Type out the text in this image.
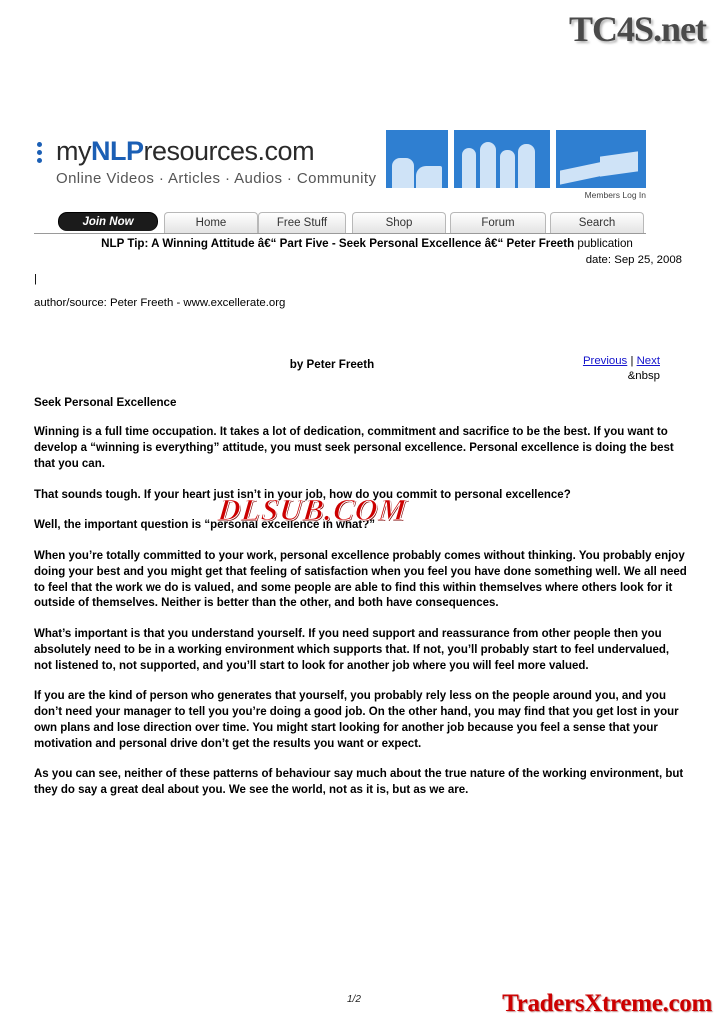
TC4S.net
myNLPresources.com
Online Videos · Articles · Audios · Community
Members Log In
Join Now	Home	Free Stuff	Shop	Forum	Search
NLP Tip: A Winning Attitude â€“ Part Five - Seek Personal Excellence â€“ Peter Freeth publication
date: Sep 25, 2008
|
author/source: Peter Freeth - www.excellerate.org
Previous | Next
&nbsp
by Peter Freeth
Seek Personal Excellence

Winning is a full time occupation. It takes a lot of dedication, commitment and sacrifice to be the best. If you want to develop a “winning is everything” attitude, you must seek personal excellence. Personal excellence is doing the best that you can.

That sounds tough. If your heart just isn’t in your job, how do you commit to personal excellence?

Well, the important question is “personal excellence in what?”

When you’re totally committed to your work, personal excellence probably comes without thinking. You probably enjoy doing your best and you might get that feeling of satisfaction when you feel you have done something well. We all need to feel that the work we do is valued, and some people are able to find this within themselves where others look for it outside of themselves. Neither is better than the other, and both have consequences.

What’s important is that you understand yourself. If you need support and reassurance from other people then you absolutely need to be in a working environment which supports that. If not, you’ll probably start to feel undervalued, not listened to, not supported, and you’ll start to look for another job where you will feel more valued.

If you are the kind of person who generates that yourself, you probably rely less on the people around you, and you don’t need your manager to tell you you’re doing a good job. On the other hand, you may find that you get lost in your own plans and lose direction over time. You might start looking for another job because you feel a sense that your motivation and personal drive don’t get the results you want or expect.

As you can see, neither of these patterns of behaviour say much about the true nature of the working environment, but they do say a great deal about you. We see the world, not as it is, but as we are.

DLSUB.COM
1/2	TradersXtreme.com
